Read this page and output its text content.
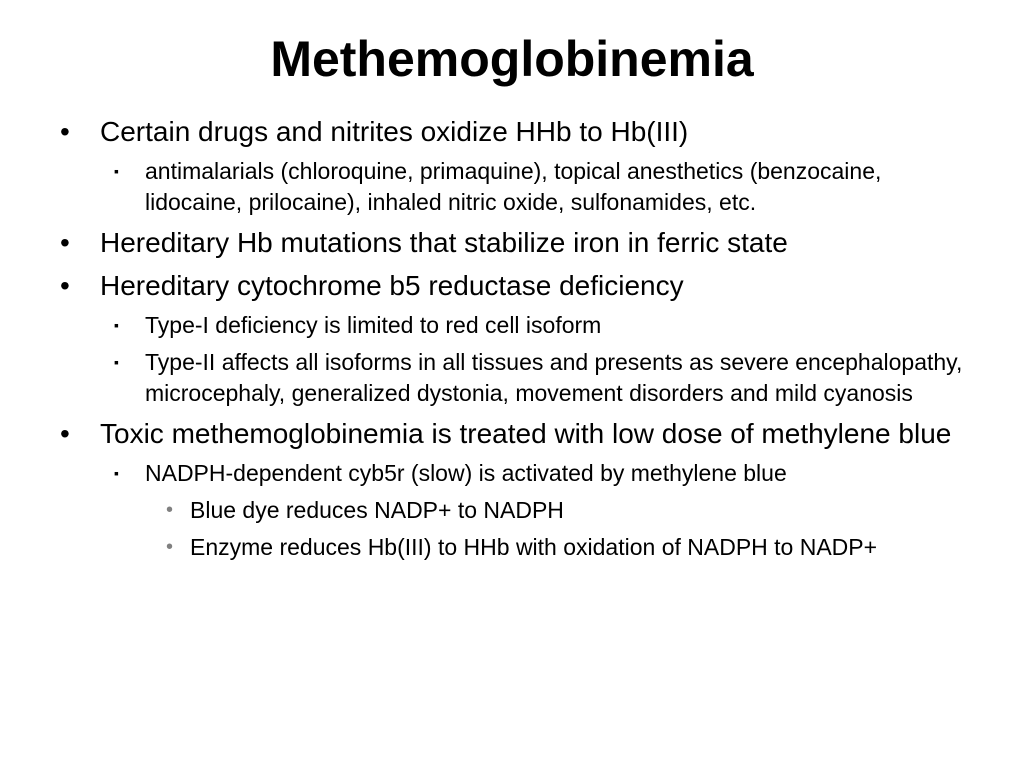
Methemoglobinemia
•	Certain drugs and nitrites oxidize HHb to Hb(III)
▪ antimalarials (chloroquine, primaquine), topical anesthetics (benzocaine, lidocaine, prilocaine), inhaled nitric oxide, sulfonamides, etc.
•	Hereditary Hb mutations that stabilize iron in ferric state
•	Hereditary cytochrome b5 reductase deficiency
▪ Type-I deficiency is limited to red cell isoform
▪ Type-II affects all isoforms in all tissues and presents as severe encephalopathy, microcephaly, generalized dystonia, movement disorders and mild cyanosis
•	Toxic methemoglobinemia is treated with low dose of methylene blue
▪ NADPH-dependent cyb5r (slow) is activated by methylene blue
• Blue dye reduces NADP+ to NADPH
• Enzyme reduces Hb(III) to HHb with oxidation of NADPH to NADP+
